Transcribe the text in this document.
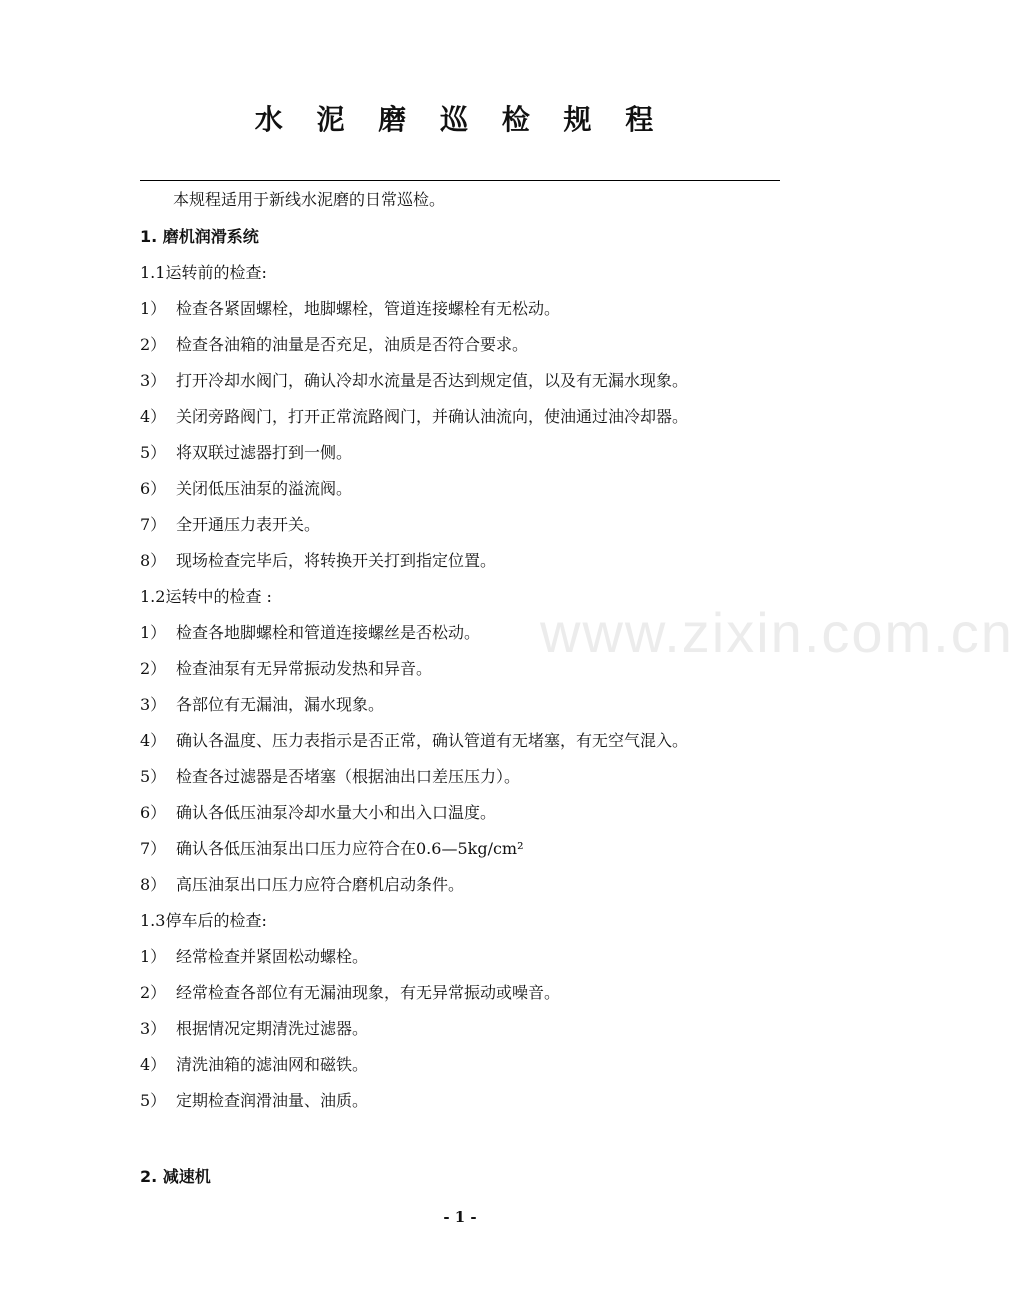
水 泥 磨 巡 检 规 程
本规程适用于新线水泥磨的日常巡检。
1. 磨机润滑系统
1.1运转前的检查:
1） 检查各紧固螺栓，地脚螺栓，管道连接螺栓有无松动。
2） 检查各油箱的油量是否充足，油质是否符合要求。
3） 打开冷却水阀门，确认冷却水流量是否达到规定值，以及有无漏水现象。
4） 关闭旁路阀门，打开正常流路阀门，并确认油流向，使油通过油冷却器。
5） 将双联过滤器打到一侧。
6） 关闭低压油泵的溢流阀。
7） 全开通压力表开关。
8） 现场检查完毕后，将转换开关打到指定位置。
1.2运转中的检查 :
1） 检查各地脚螺栓和管道连接螺丝是否松动。
2） 检查油泵有无异常振动发热和异音。
3） 各部位有无漏油，漏水现象。
4） 确认各温度、压力表指示是否正常，确认管道有无堵塞，有无空气混入。
5） 检查各过滤器是否堵塞（根据油出口差压压力）。
6） 确认各低压油泵冷却水量大小和出入口温度。
7） 确认各低压油泵出口压力应符合在0.6—5kg/cm²
8） 高压油泵出口压力应符合磨机启动条件。
1.3停车后的检查:
1） 经常检查并紧固松动螺栓。
2） 经常检查各部位有无漏油现象，有无异常振动或噪音。
3） 根据情况定期清洗过滤器。
4） 清洗油箱的滤油网和磁铁。
5） 定期检查润滑油量、油质。
2. 减速机
www.zixin.com.cn
- 1 -
